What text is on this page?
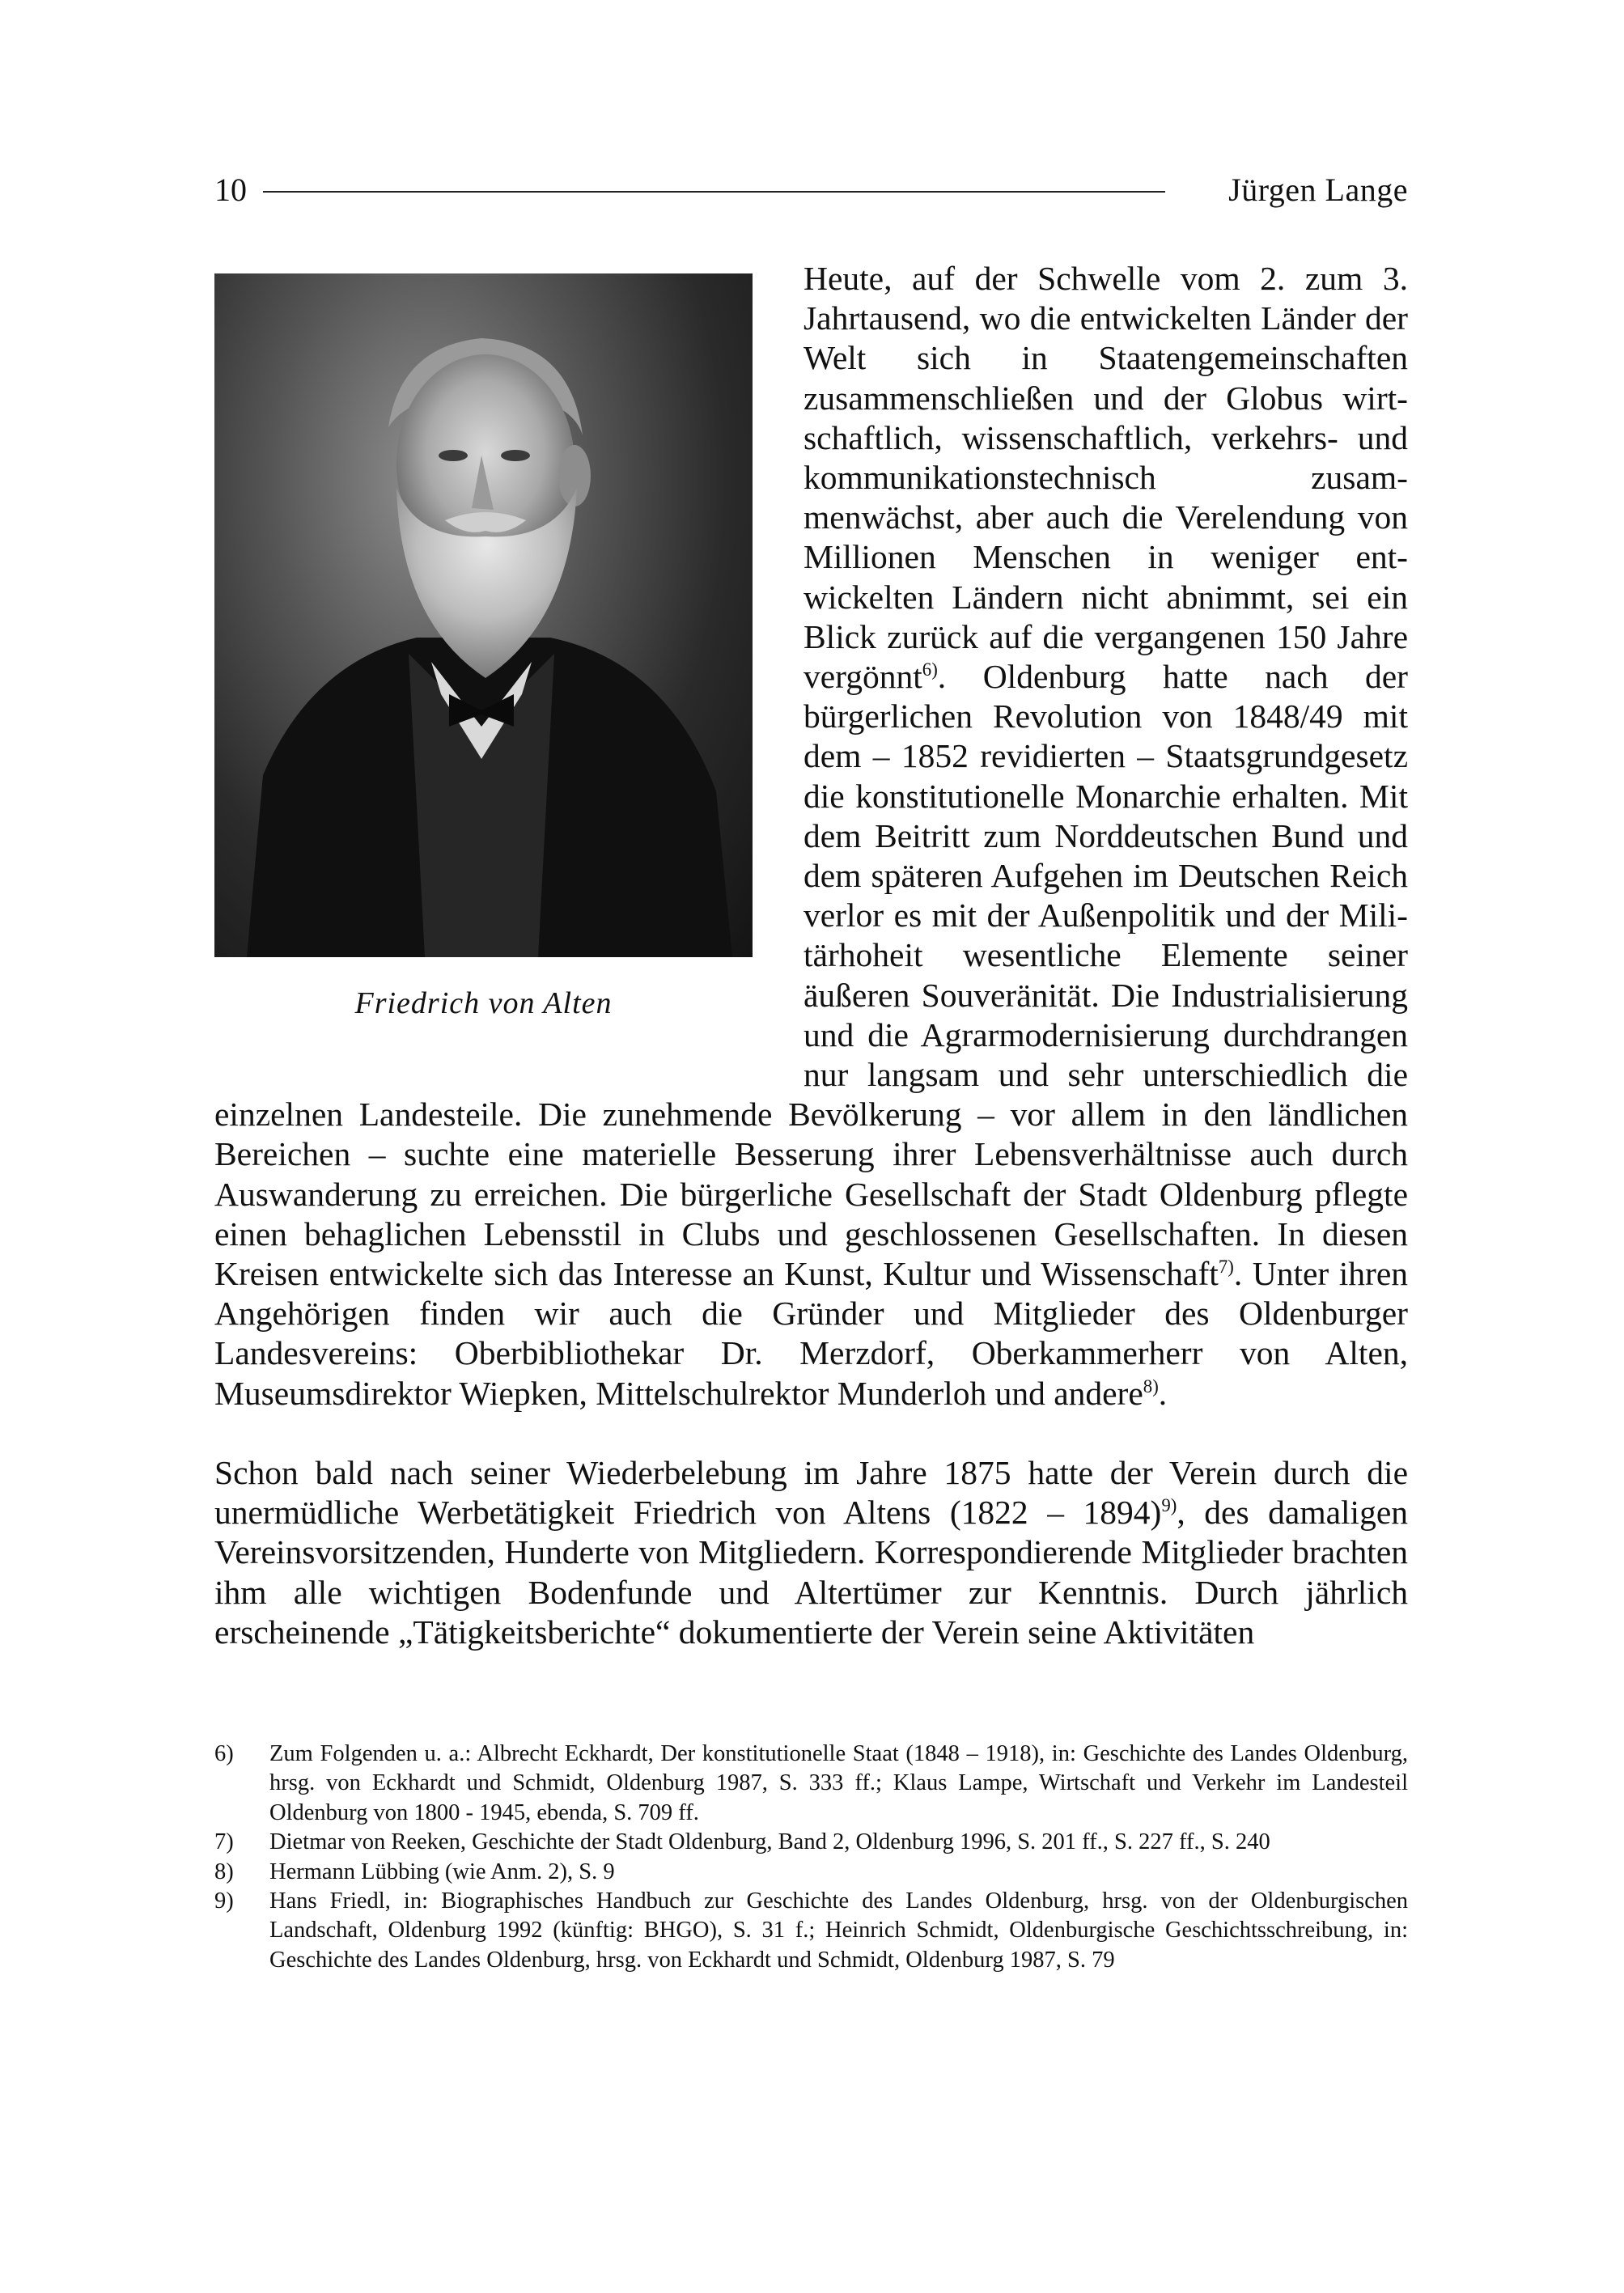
10	Jürgen Lange
Friedrich von Alten

Heute, auf der Schwelle vom 2. zum 3. Jahrtausend, wo die entwickelten Länder der Welt sich in Staatengemeinschaften zusammenschließen und der Globus wirtschaftlich, wissenschaftlich, verkehrs- und kommunikationstechnisch zusammenwächst, aber auch die Verelendung von Millionen Menschen in weniger entwickelten Ländern nicht abnimmt, sei ein Blick zurück auf die vergangenen 150 Jahre vergönnt$^{6)}$. Oldenburg hatte nach der bürgerlichen Revolution von 1848/49 mit dem – 1852 revidierten – Staatsgrundgesetz die konstitutionelle Monarchie erhalten. Mit dem Beitritt zum Norddeutschen Bund und dem späteren Aufgehen im Deutschen Reich verlor es mit der Außenpolitik und der Militärhoheit wesentliche Elemente seiner äußeren Souveränität. Die Industrialisierung und die Agrarmodernisierung durchdrangen nur langsam und sehr unterschiedlich die einzelnen Landesteile. Die zunehmende Bevölkerung – vor allem in den ländlichen Bereichen – suchte eine materielle Besserung ihrer Lebensverhältnisse auch durch Auswanderung zu erreichen. Die bürgerliche Gesellschaft der Stadt Oldenburg pflegte einen behaglichen Lebensstil in Clubs und geschlossenen Gesellschaften. In diesen Kreisen entwickelte sich das Interesse an Kunst, Kultur und Wissenschaft$^{7)}$. Unter ihren Angehörigen finden wir auch die Gründer und Mitglieder des Oldenburger Landesvereins: Oberbibliothekar Dr. Merzdorf, Oberkammerherr von Alten, Museumsdirektor Wiepken, Mittelschulrektor Munderloh und andere$^{8)}$.

Schon bald nach seiner Wiederbelebung im Jahre 1875 hatte der Verein durch die unermüdliche Werbetätigkeit Friedrich von Altens (1822 – 1894)$^{9)}$, des damaligen Vereinsvorsitzenden, Hunderte von Mitgliedern. Korrespondierende Mitglieder brachten ihm alle wichtigen Bodenfunde und Altertümer zur Kenntnis. Durch jährlich erscheinende „Tätigkeitsberichte“ dokumentierte der Verein seine Aktivitäten

6)	Zum Folgenden u. a.: Albrecht Eckhardt, Der konstitutionelle Staat (1848 – 1918), in: Geschichte des Landes Oldenburg, hrsg. von Eckhardt und Schmidt, Oldenburg 1987, S. 333 ff.; Klaus Lampe, Wirtschaft und Verkehr im Landesteil Oldenburg von 1800 - 1945, ebenda, S. 709 ff.
7)	Dietmar von Reeken, Geschichte der Stadt Oldenburg, Band 2, Oldenburg 1996, S. 201 ff., S. 227 ff., S. 240
8)	Hermann Lübbing (wie Anm. 2), S. 9
9)	Hans Friedl, in: Biographisches Handbuch zur Geschichte des Landes Oldenburg, hrsg. von der Oldenburgischen Landschaft, Oldenburg 1992 (künftig: BHGO), S. 31 f.; Heinrich Schmidt, Oldenburgische Geschichtsschreibung, in: Geschichte des Landes Oldenburg, hrsg. von Eckhardt und Schmidt, Oldenburg 1987, S. 79
